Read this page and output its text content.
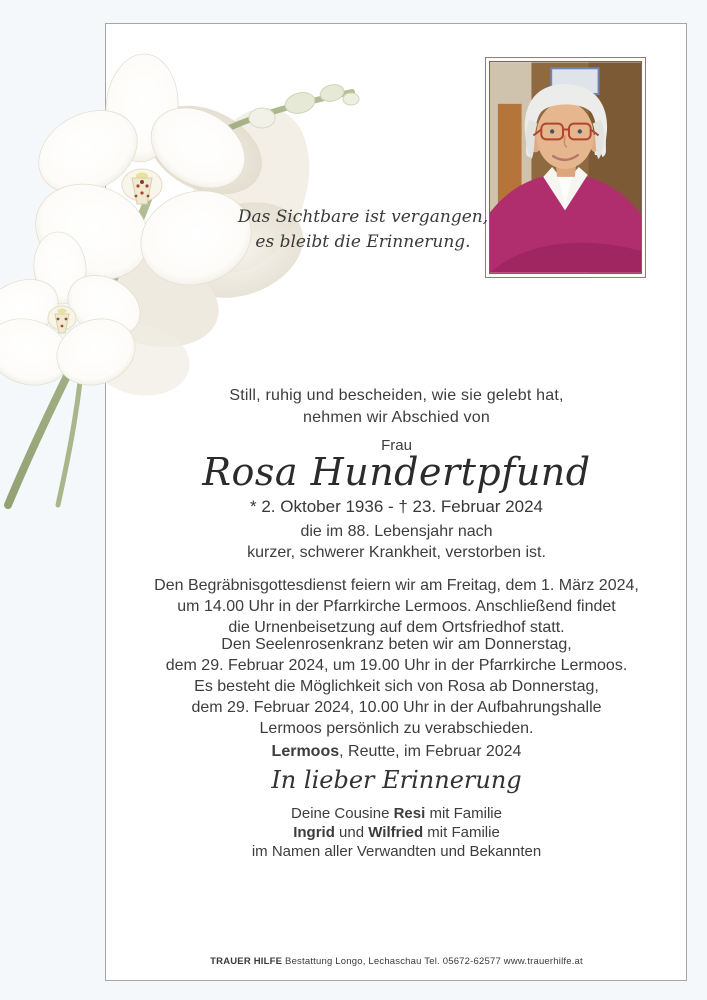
Das Sichtbare ist vergangen,
es bleibt die Erinnerung.
Still, ruhig und bescheiden, wie sie gelebt hat,
nehmen wir Abschied von
Frau
Rosa Hundertpfund
* 2. Oktober 1936 - † 23. Februar 2024
die im 88. Lebensjahr nach
kurzer, schwerer Krankheit, verstorben ist.
Den Begräbnisgottesdienst feiern wir am Freitag, dem 1. März 2024,
um 14.00 Uhr in der Pfarrkirche Lermoos. Anschließend findet
die Urnenbeisetzung auf dem Ortsfriedhof statt.
Den Seelenrosenkranz beten wir am Donnerstag,
dem 29. Februar 2024, um 19.00 Uhr in der Pfarrkirche Lermoos.
Es besteht die Möglichkeit sich von Rosa ab Donnerstag,
dem 29. Februar 2024, 10.00 Uhr in der Aufbahrungshalle
Lermoos persönlich zu verabschieden.
Lermoos, Reutte, im Februar 2024
In lieber Erinnerung
Deine Cousine Resi mit Familie
Ingrid und Wilfried mit Familie
im Namen aller Verwandten und Bekannten
TRAUER HILFE Bestattung Longo, Lechaschau Tel. 05672-62577 www.trauerhilfe.at
